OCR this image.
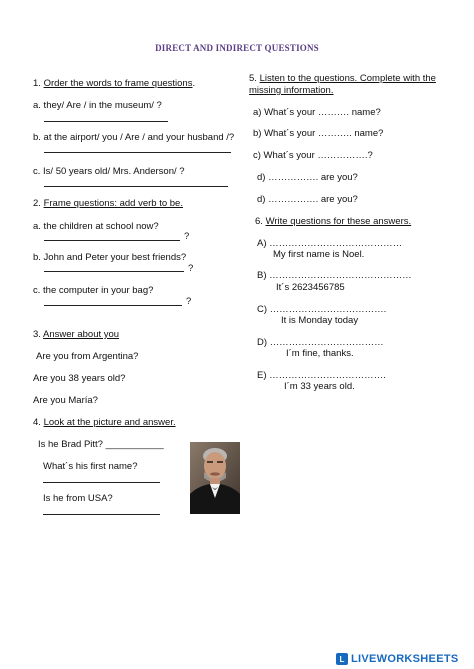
DIRECT AND INDIRECT QUESTIONS
1. Order the words to frame questions.
a. they/ Are / in the museum/ ?
b. at the airport/ you / Are / and your husband /?
c. Is/ 50 years old/ Mrs. Anderson/ ?
2. Frame questions: add verb to be.
a. the children at school now?
?
b. John and Peter your best friends?
?
c. the computer in your bag?
?
3. Answer about you
Are you from Argentina?
Are you 38 years old?
Are you María?
4. Look at the picture and answer.
Is he Brad Pitt? ___________
What´s his first name?
Is he from USA?
5. Listen to the questions. Complete with the
missing information.
a) What´s your ………. name?
b) What´s your ……….. name?
c) What´s your …………….?
d) ……………. are you?
d) ……………. are you?
6. Write questions for these answers.
A) ……………………………………
My first name is Noel.
B) ………………………………………
It´s 2623456785
C) ……………………………….
It is Monday today
D) ………………………………
I´m fine, thanks.
E) ……………………………….
I´m 33 years old.
L LIVEWORKSHEETS
